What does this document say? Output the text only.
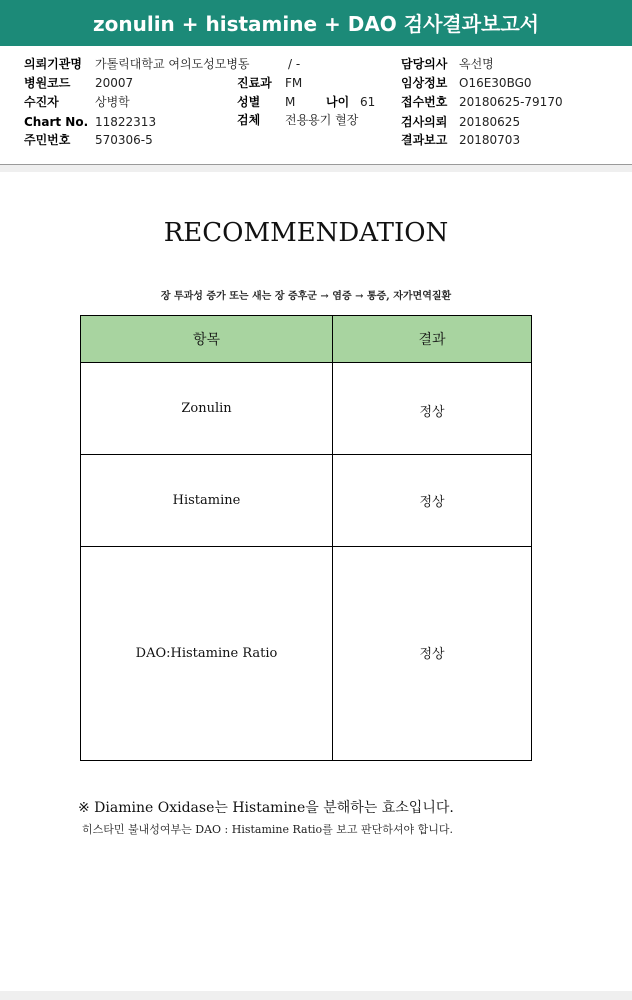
zonulin + histamine + DAO 검사결과보고서
의뢰기관명 가톨릭대학교 여의도성모병동	/ -	담당의사 옥선명
병원코드 20007	진료과 FM	임상정보 O16E30BG0
수진자	상병학	성별 M	나이 61 접수번호 20180625-79170
Chart No. 11822313	검체 전용용기 혈장	검사의뢰 20180625
주민번호 570306-5	결과보고 20180703
RECOMMENDATION
장 투과성 증가 또는 새는 장 증후군 → 염증 → 통증, 자가면역질환
항목	결과
Zonulin	정상
Histamine	정상
DAO:Histamine Ratio	정상
※ Diamine Oxidase는 Histamine을 분해하는 효소입니다.
히스타민 불내성여부는 DAO : Histamine Ratio를 보고 판단하셔야 합니다.
